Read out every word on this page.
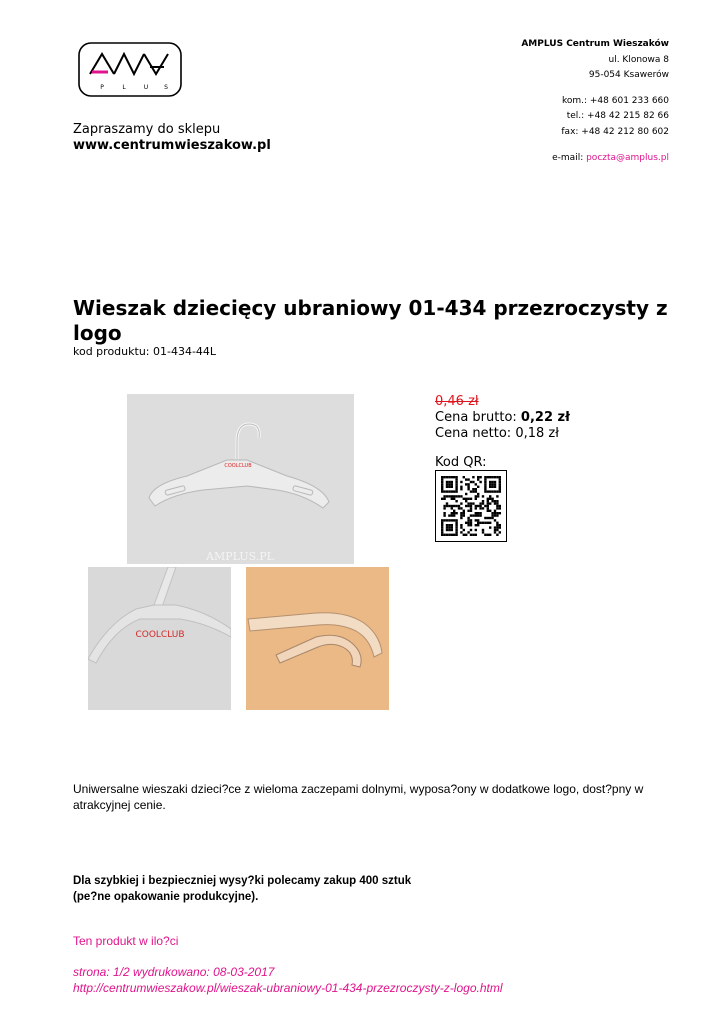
P	L	U	S
Zapraszamy do sklepu
www.centrumwieszakow.pl
AMPLUS Centrum Wieszaków
ul. Klonowa 8
95-054 Ksawerów
kom.: +48 601 233 660
tel.: +48 42 215 82 66
fax: +48 42 212 80 602
e-mail: poczta@amplus.pl
Wieszak dziecięcy ubraniowy 01-434 przezroczysty z logo
kod produktu: 01-434-44L
COOLCLUB
AMPLUS.PL
COOLCLUB
0,46 zł
Cena brutto: 0,22 zł
Cena netto: 0,18 zł
Kod QR:
Uniwersalne wieszaki dzieci?ce z wieloma zaczepami dolnymi, wyposa?ony w dodatkowe logo, dost?pny w atrakcyjnej cenie.
Dla szybkiej i bezpieczniej wysy?ki polecamy zakup 400 sztuk
(pe?ne opakowanie produkcyjne).
Ten produkt w ilo?ci
strona: 1/2 wydrukowano: 08-03-2017
http://centrumwieszakow.pl/wieszak-ubraniowy-01-434-przezroczysty-z-logo.html
